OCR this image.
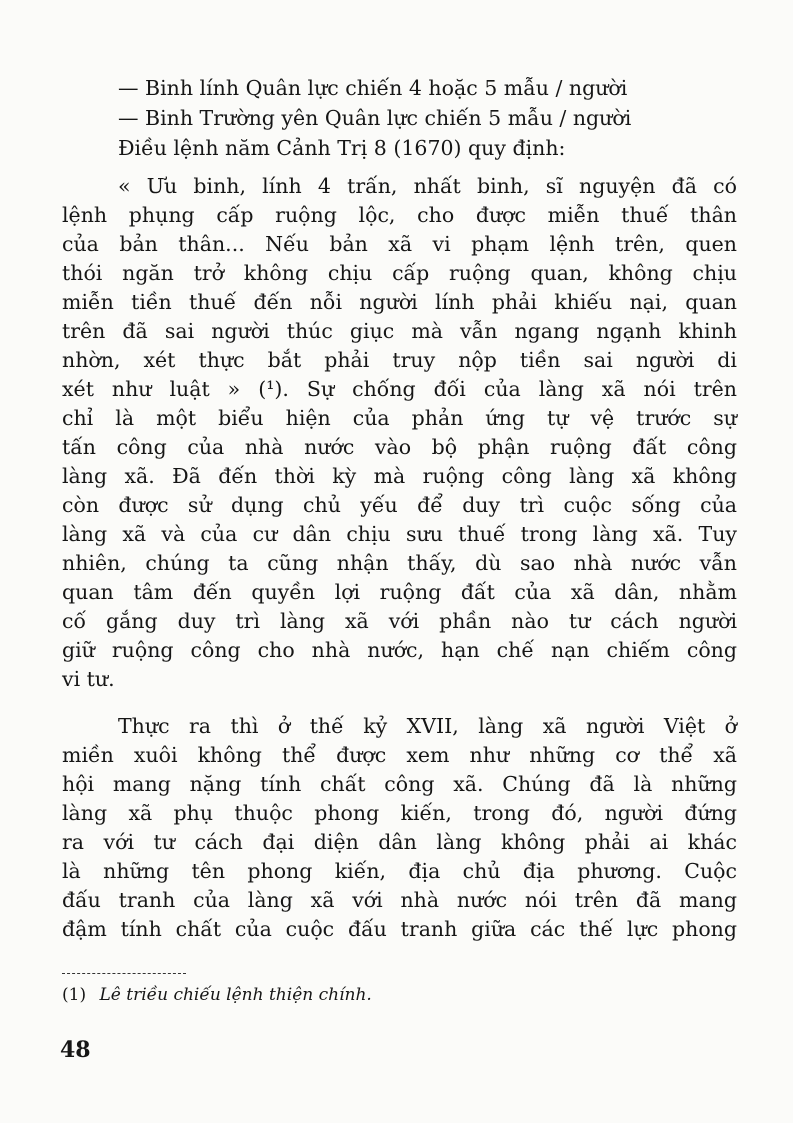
— Binh lính Quân lực chiến 4 hoặc 5 mẫu / người
— Binh Trường yên Quân lực chiến 5 mẫu / người
Điều lệnh năm Cảnh Trị 8 (1670) quy định:
« Ưu binh, lính 4 trấn, nhất binh, sĩ nguyện đã có
lệnh phụng cấp ruộng lộc, cho được miễn thuế thân
của bản thân... Nếu bản xã vi phạm lệnh trên, quen
thói ngăn trở không chịu cấp ruộng quan, không chịu
miễn tiền thuế đến nỗi người lính phải khiếu nại, quan
trên đã sai người thúc giục mà vẫn ngang ngạnh khinh
nhờn, xét thực bắt phải truy nộp tiền sai người di
xét như luật » (¹). Sự chống đối của làng xã nói trên
chỉ là một biểu hiện của phản ứng tự vệ trước sự
tấn công của nhà nước vào bộ phận ruộng đất công
làng xã. Đã đến thời kỳ mà ruộng công làng xã không
còn được sử dụng chủ yếu để duy trì cuộc sống của
làng xã và của cư dân chịu sưu thuế trong làng xã. Tuy
nhiên, chúng ta cũng nhận thấy, dù sao nhà nước vẫn
quan tâm đến quyền lợi ruộng đất của xã dân, nhằm
cố gắng duy trì làng xã với phần nào tư cách người
giữ ruộng công cho nhà nước, hạn chế nạn chiếm công
vi tư.
Thực ra thì ở thế kỷ XVII, làng xã người Việt ở
miền xuôi không thể được xem như những cơ thể xã
hội mang nặng tính chất công xã. Chúng đã là những
làng xã phụ thuộc phong kiến, trong đó, người đứng
ra với tư cách đại diện dân làng không phải ai khác
là những tên phong kiến, địa chủ địa phương. Cuộc
đấu tranh của làng xã với nhà nước nói trên đã mang
đậm tính chất của cuộc đấu tranh giữa các thế lực phong
(1) Lê triều chiếu lệnh thiện chính.
48
